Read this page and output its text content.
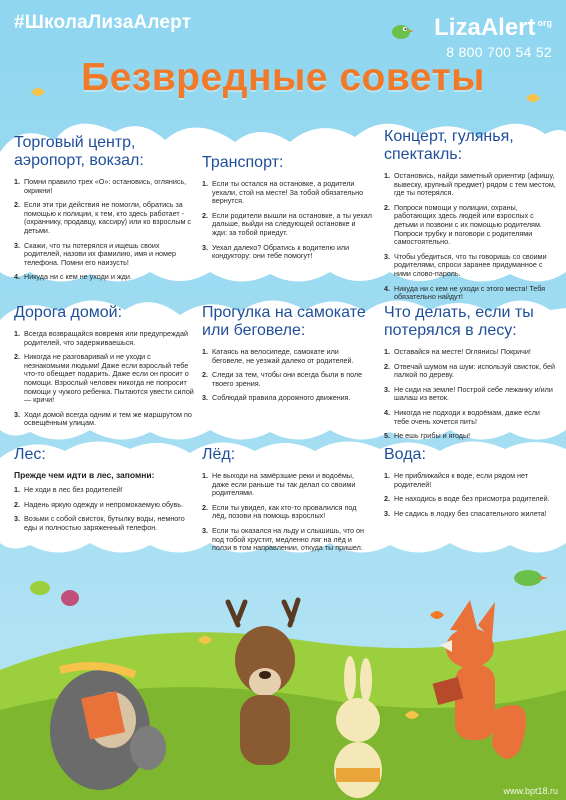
#ШколаЛизаАлерт	LizaAlert $^{org}$
8 800 700 54 52
Безвредные советы
Торговый центр, аэропорт, вокзал:
1. Помни правило трех «О»: остановись, оглянись, окрикни!
2. Если эти три действия не помогли, обратись за помощью к полиции, к тем, кто здесь работает - (охраннику, продавцу, кассиру) или ко взрослым с детьми.
3. Скажи, что ты потерялся и ищешь своих родителей, назови их фамилию, имя и номер телефона. Помни его наизусть!
4. Никуда ни с кем не уходи и жди.
Транспорт:
1. Если ты остался на остановке, а родители уехали, стой на месте! За тобой обязательно вернутся.
2. Если родители вышли на остановке, а ты уехал дальше, выйди на следующей остановке и жди: за тобой приедут.
3. Уехал далеко? Обратись к водителю или кондуктору: они тебе помогут!
Концерт, гулянья, спектакль:
1. Остановись, найди заметный ориентир (афишу, вывеску, крупный предмет) рядом с тем местом, где ты потерялся.
2. Попроси помощи у полиции, охраны, работающих здесь людей или взрослых с детьми и позвони с их помощью родителям. Попроси трубку и поговори с родителями самостоятельно.
3. Чтобы убедиться, что ты говоришь со своими родителями, спроси заранее придуманное с ними слово-пароль.
4. Никуда ни с кем не уходи с этого места! Тебя обязательно найдут!
Дорога домой:
1. Всегда возвращайся вовремя или предупреждай родителей, что задерживаешься.
2. Никогда не разговаривай и не уходи с незнакомыми людьми! Даже если взрослый тебе что-то обещает подарить. Даже если он просит о помощи. Взрослый человек никогда не попросит помощи у чужого ребенка. Пытаются увести силой — кричи!
3. Ходи домой всегда одним и тем же маршрутом по освещённым улицам.
Прогулка на самокате или беговеле:
1. Катаясь на велосипеде, самокате или беговеле, не уезжай далеко от родителей.
2. Следи за тем, чтобы они всегда были в поле твоего зрения.
3. Соблюдай правила дорожного движения.
Что делать, если ты потерялся в лесу:
1. Оставайся на месте! Оглянись! Покричи!
2. Отвечай шумом на шум: используй свисток, бей палкой по дереву.
3. Не сиди на земле! Построй себе лежанку и/или шалаш из веток.
4. Никогда не подходи к водоёмам, даже если тебе очень хочется пить!
5. Не ешь грибы и ягоды!
Лес:
Прежде чем идти в лес, запомни:
1. Не ходи в лес без родителей!
2. Надень яркую одежду и непромокаемую обувь.
3. Возьми с собой свисток, бутылку воды, немного еды и полностью заряженный телефон.
Лёд:
1. Не выходи на замёрзшие реки и водоёмы, даже если раньше ты так делал со своими родителями.
2. Если ты увидел, как кто-то провалился под лёд, позови на помощь взрослых!
3. Если ты оказался на льду и слышишь, что он под тобой хрустит, медленно ляг на лёд и ползи в том направлении, откуда ты пришел.
Вода:
1. Не приближайся к воде, если рядом нет родителей!
2. Не находись в воде без присмотра родителей.
3. Не садись в лодку без спасательного жилета!
www.bpt18.ru
